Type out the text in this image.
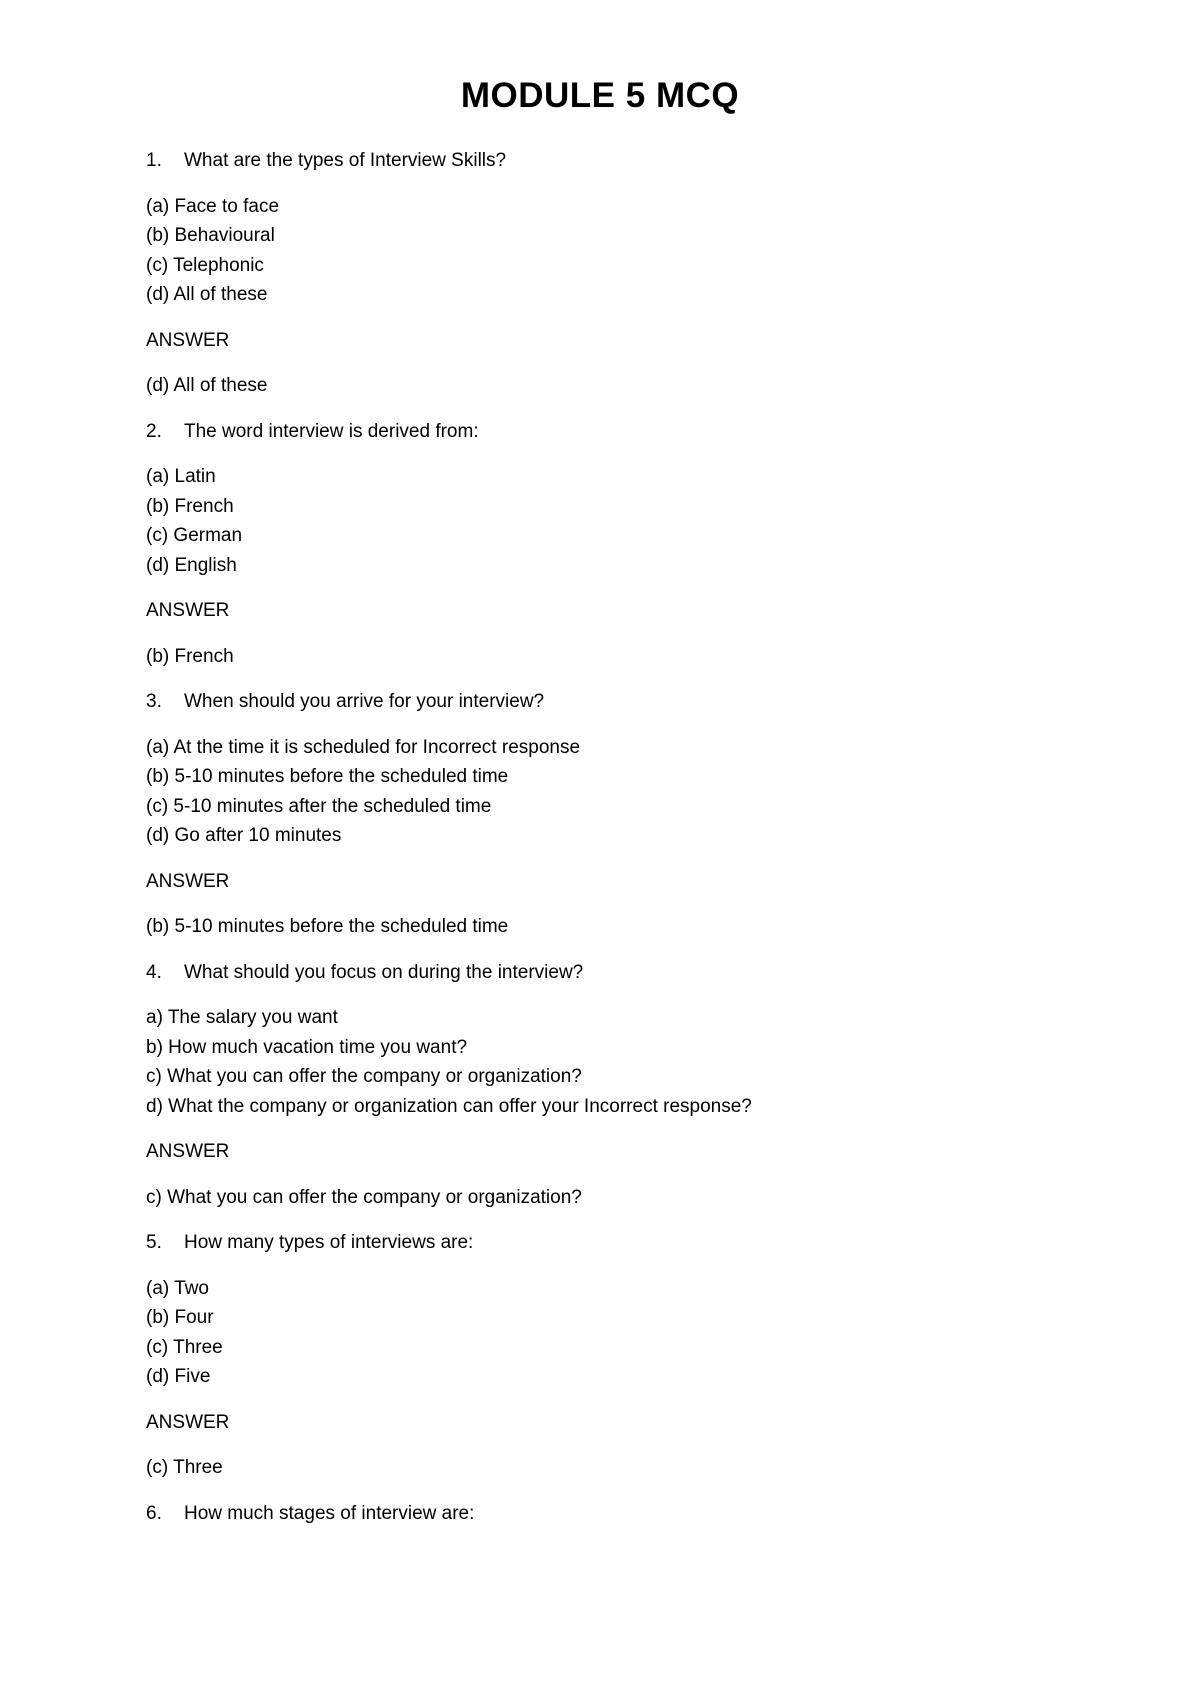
MODULE 5 MCQ
1.	What are the types of Interview Skills?
(a) Face to face
(b) Behavioural
(c) Telephonic
(d) All of these
ANSWER
(d) All of these
2.	The word interview is derived from:
(a) Latin
(b) French
(c) German
(d) English
ANSWER
(b) French
3.	When should you arrive for your interview?
(a) At the time it is scheduled for Incorrect response
(b) 5-10 minutes before the scheduled time
(c) 5-10 minutes after the scheduled time
(d) Go after 10 minutes
ANSWER
(b) 5-10 minutes before the scheduled time
4.	What should you focus on during the interview?
a) The salary you want
b) How much vacation time you want?
c) What you can offer the company or organization?
d) What the company or organization can offer your Incorrect response?
ANSWER
c) What you can offer the company or organization?
5.	How many types of interviews are:
(a) Two
(b) Four
(c) Three
(d) Five
ANSWER
(c) Three
6.	How much stages of interview are:
